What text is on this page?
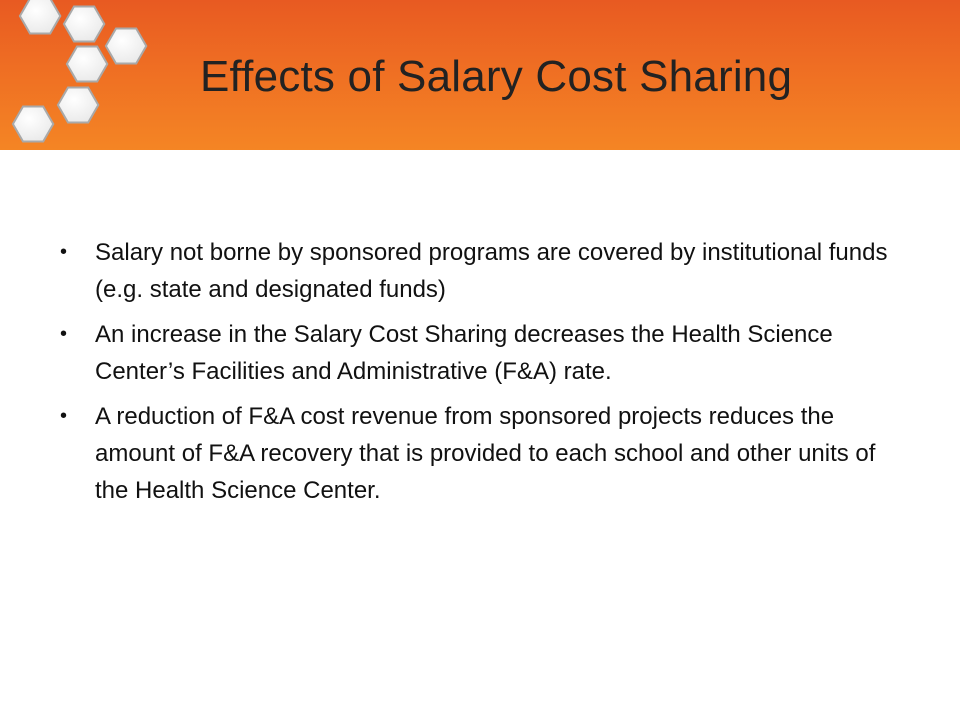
Effects of Salary Cost Sharing
• Salary not borne by sponsored programs are covered by institutional funds (e.g. state and designated funds)
• An increase in the Salary Cost Sharing decreases the Health Science Center’s Facilities and Administrative (F&A) rate.
• A reduction of F&A cost revenue from sponsored projects reduces the amount of F&A recovery that is provided to each school and other units of the Health Science Center.
